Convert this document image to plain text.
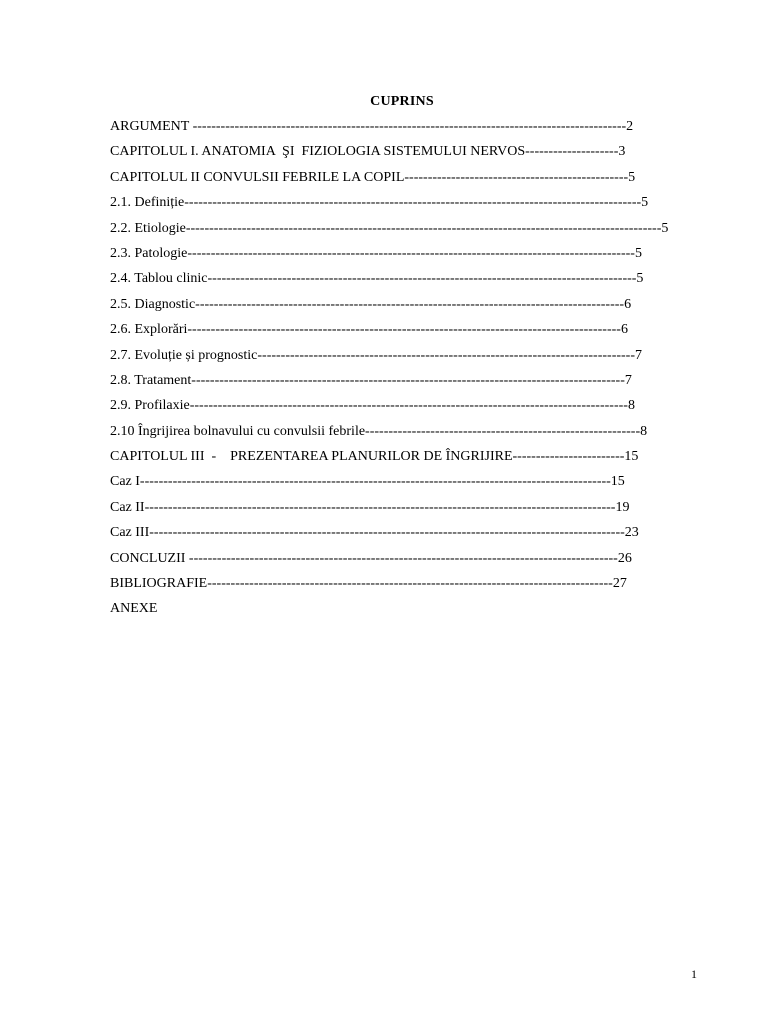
CUPRINS
ARGUMENT ---------------------------------------------------------------------------------------------2
CAPITOLUL I. ANATOMIA  ŞI  FIZIOLOGIA SISTEMULUI NERVOS--------------------3
CAPITOLUL II CONVULSII FEBRILE LA COPIL------------------------------------------------5
2.1. Definiție--------------------------------------------------------------------------------------------------5
2.2. Etiologie------------------------------------------------------------------------------------------------------5
2.3. Patologie------------------------------------------------------------------------------------------------5
2.4. Tablou clinic--------------------------------------------------------------------------------------------5
2.5. Diagnostic--------------------------------------------------------------------------------------------6
2.6. Explorări---------------------------------------------------------------------------------------------6
2.7. Evoluție și prognostic---------------------------------------------------------------------------------7
2.8. Tratament---------------------------------------------------------------------------------------------7
2.9. Profilaxie----------------------------------------------------------------------------------------------8
2.10 Îngrijirea bolnavului cu convulsii febrile-----------------------------------------------------------8
CAPITOLUL III  -    PREZENTAREA PLANURILOR DE ÎNGRIJIRE------------------------15
Caz I-----------------------------------------------------------------------------------------------------15
Caz II-----------------------------------------------------------------------------------------------------19
Caz III------------------------------------------------------------------------------------------------------23
CONCLUZII --------------------------------------------------------------------------------------------26
BIBLIOGRAFIE---------------------------------------------------------------------------------------27
ANEXE
1
